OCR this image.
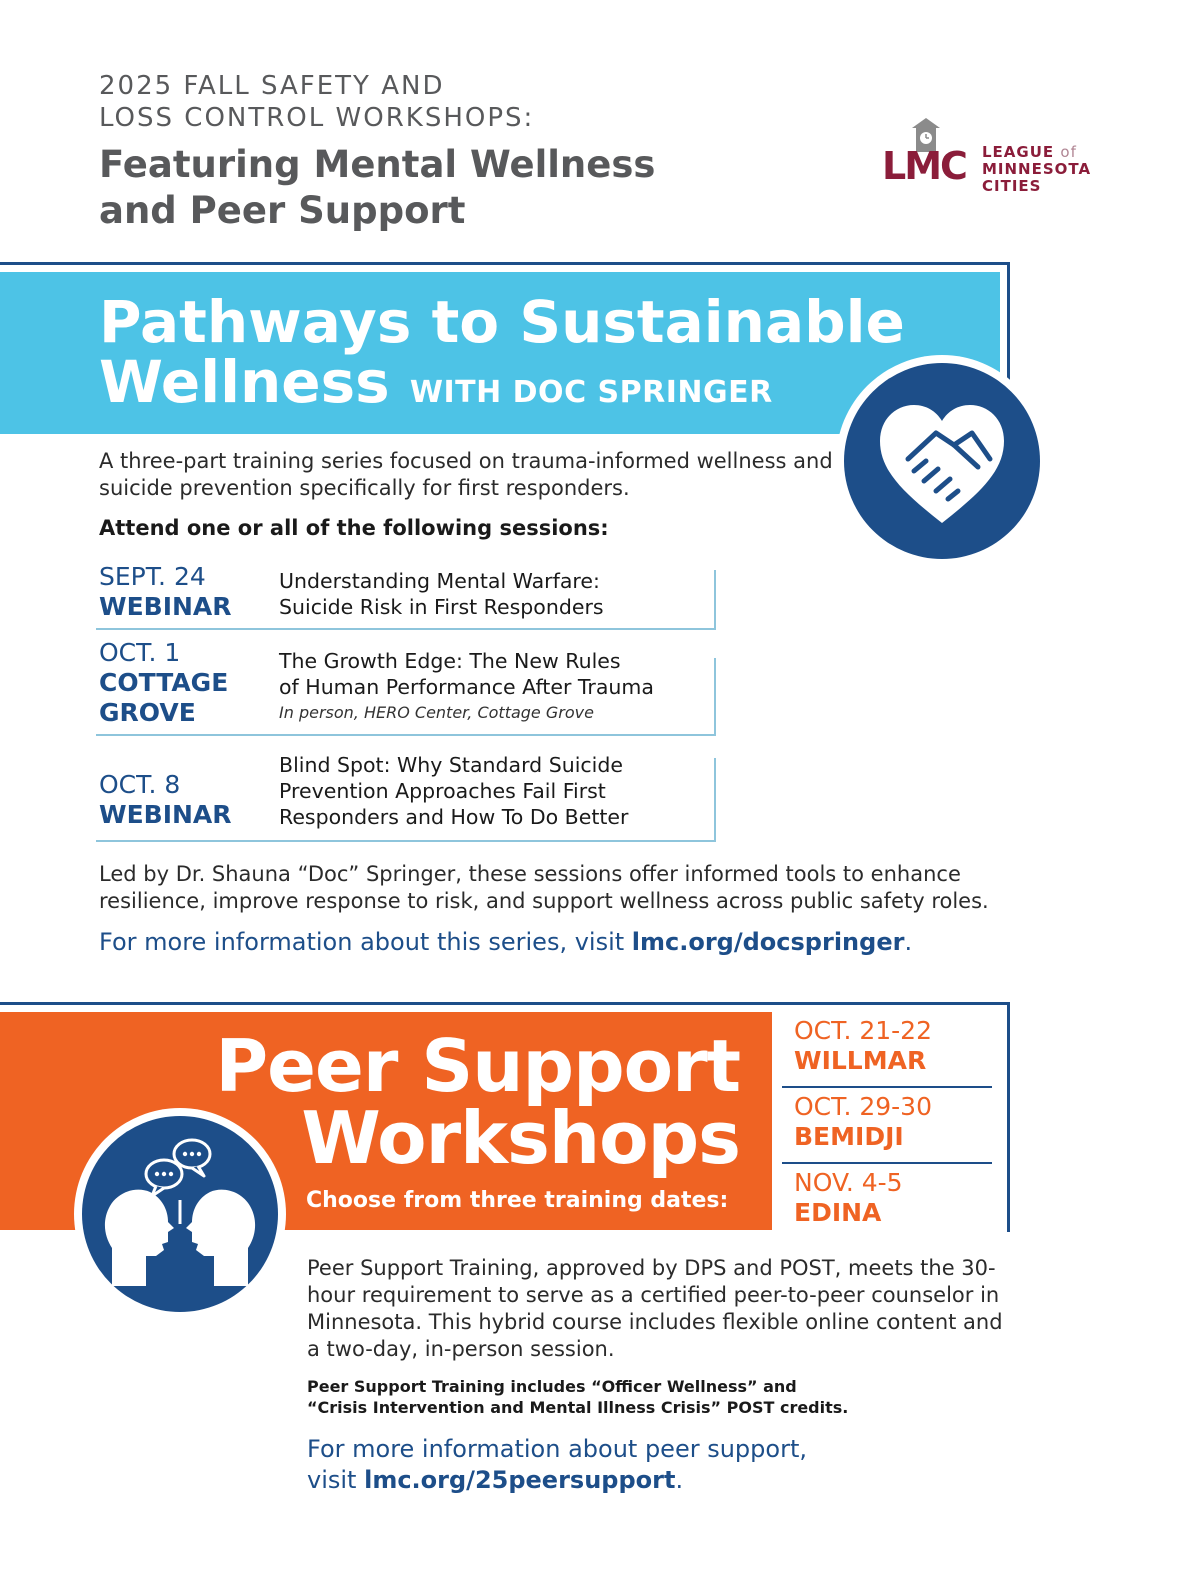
2025 FALL SAFETY AND
LOSS CONTROL WORKSHOPS:
Featuring Mental Wellness
and Peer Support
LMC LEAGUE of
MINNESOTA
CITIES
Pathways to Sustainable
Wellness WITH DOC SPRINGER
A three-part training series focused on trauma-informed wellness and suicide prevention specifically for first responders.
Attend one or all of the following sessions:
SEPT. 24
WEBINAR
Understanding Mental Warfare:
Suicide Risk in First Responders
OCT. 1
COTTAGE
GROVE
The Growth Edge: The New Rules
of Human Performance After Trauma
In person, HERO Center, Cottage Grove
OCT. 8
WEBINAR
Blind Spot: Why Standard Suicide
Prevention Approaches Fail First
Responders and How To Do Better
Led by Dr. Shauna “Doc” Springer, these sessions offer informed tools to enhance resilience, improve response to risk, and support wellness across public safety roles.
For more information about this series, visit lmc.org/docspringer.
Peer Support
Workshops
Choose from three training dates:
OCT. 21-22
WILLMAR
OCT. 29-30
BEMIDJI
NOV. 4-5
EDINA
Peer Support Training, approved by DPS and POST, meets the 30-hour requirement to serve as a certified peer-to-peer counselor in Minnesota. This hybrid course includes flexible online content and a two-day, in-person session.
Peer Support Training includes “Officer Wellness” and
“Crisis Intervention and Mental Illness Crisis” POST credits.
For more information about peer support,
visit lmc.org/25peersupport.
